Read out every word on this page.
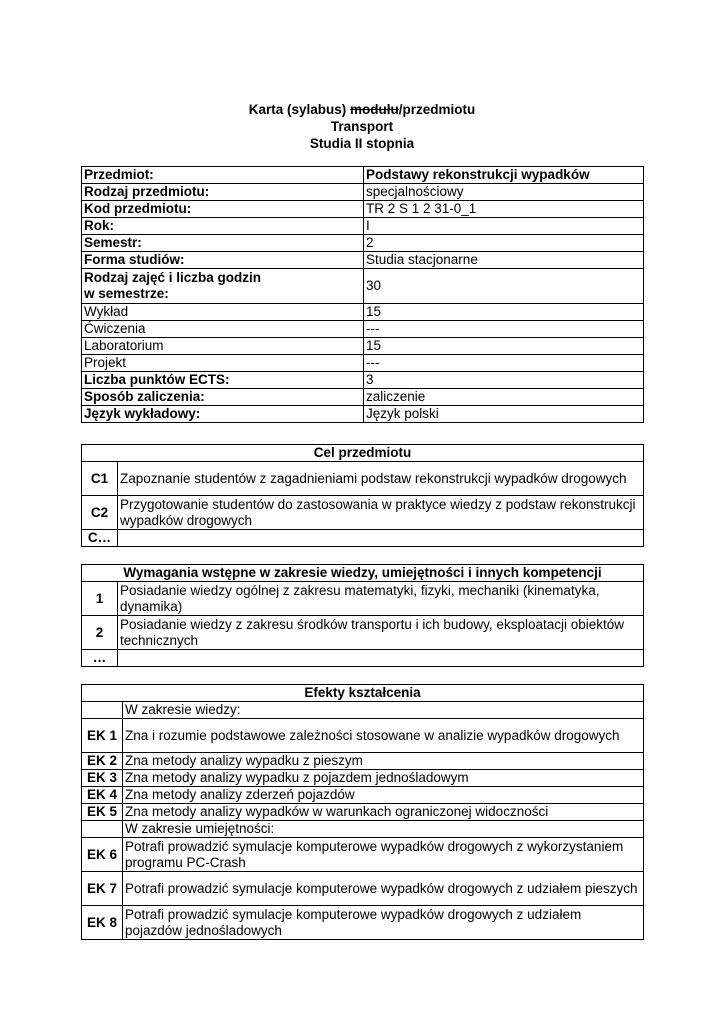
Karta (sylabus) modułu/przedmiotu
Transport
Studia II stopnia
Przedmiot:	Podstawy rekonstrukcji wypadków
Rodzaj przedmiotu:	specjalnościowy
Kod przedmiotu:	TR 2 S 1 2 31-0_1
Rok:	I
Semestr:	2
Forma studiów:	Studia stacjonarne
Rodzaj zajęć i liczba godzin
w semestrze:	30
Wykład	15
Ćwiczenia	---
Laboratorium	15
Projekt	---
Liczba punktów ECTS:	3
Sposób zaliczenia:	zaliczenie
Język wykładowy:	Język polski
Cel przedmiotu	
C1	Zapoznanie studentów z zagadnieniami podstaw rekonstrukcji wypadków drogowych
C2	Przygotowanie studentów do zastosowania w praktyce wiedzy z podstaw rekonstrukcji wypadków drogowych
C…	
Wymagania wstępne w zakresie wiedzy, umiejętności i innych kompetencji	
1	Posiadanie wiedzy ogólnej z zakresu matematyki, fizyki, mechaniki (kinematyka, dynamika)
2	Posiadanie wiedzy z zakresu środków transportu i ich budowy, eksploatacji obiektów technicznych
…	
Efekty kształcenia	
	W zakresie wiedzy:
EK 1	Zna i rozumie podstawowe zależności stosowane w analizie wypadków drogowych
EK 2	Zna metody analizy wypadku z pieszym
EK 3	Zna metody analizy wypadku z pojazdem jednośladowym
EK 4	Zna metody analizy zderzeń pojazdów
EK 5	Zna metody analizy wypadków w warunkach ograniczonej widoczności
	W zakresie umiejętności:
EK 6	Potrafi prowadzić symulacje komputerowe wypadków drogowych z wykorzystaniem programu PC-Crash
EK 7	Potrafi prowadzić symulacje komputerowe wypadków drogowych z udziałem pieszych
EK 8	Potrafi prowadzić symulacje komputerowe wypadków drogowych z udziałem pojazdów jednośladowych
